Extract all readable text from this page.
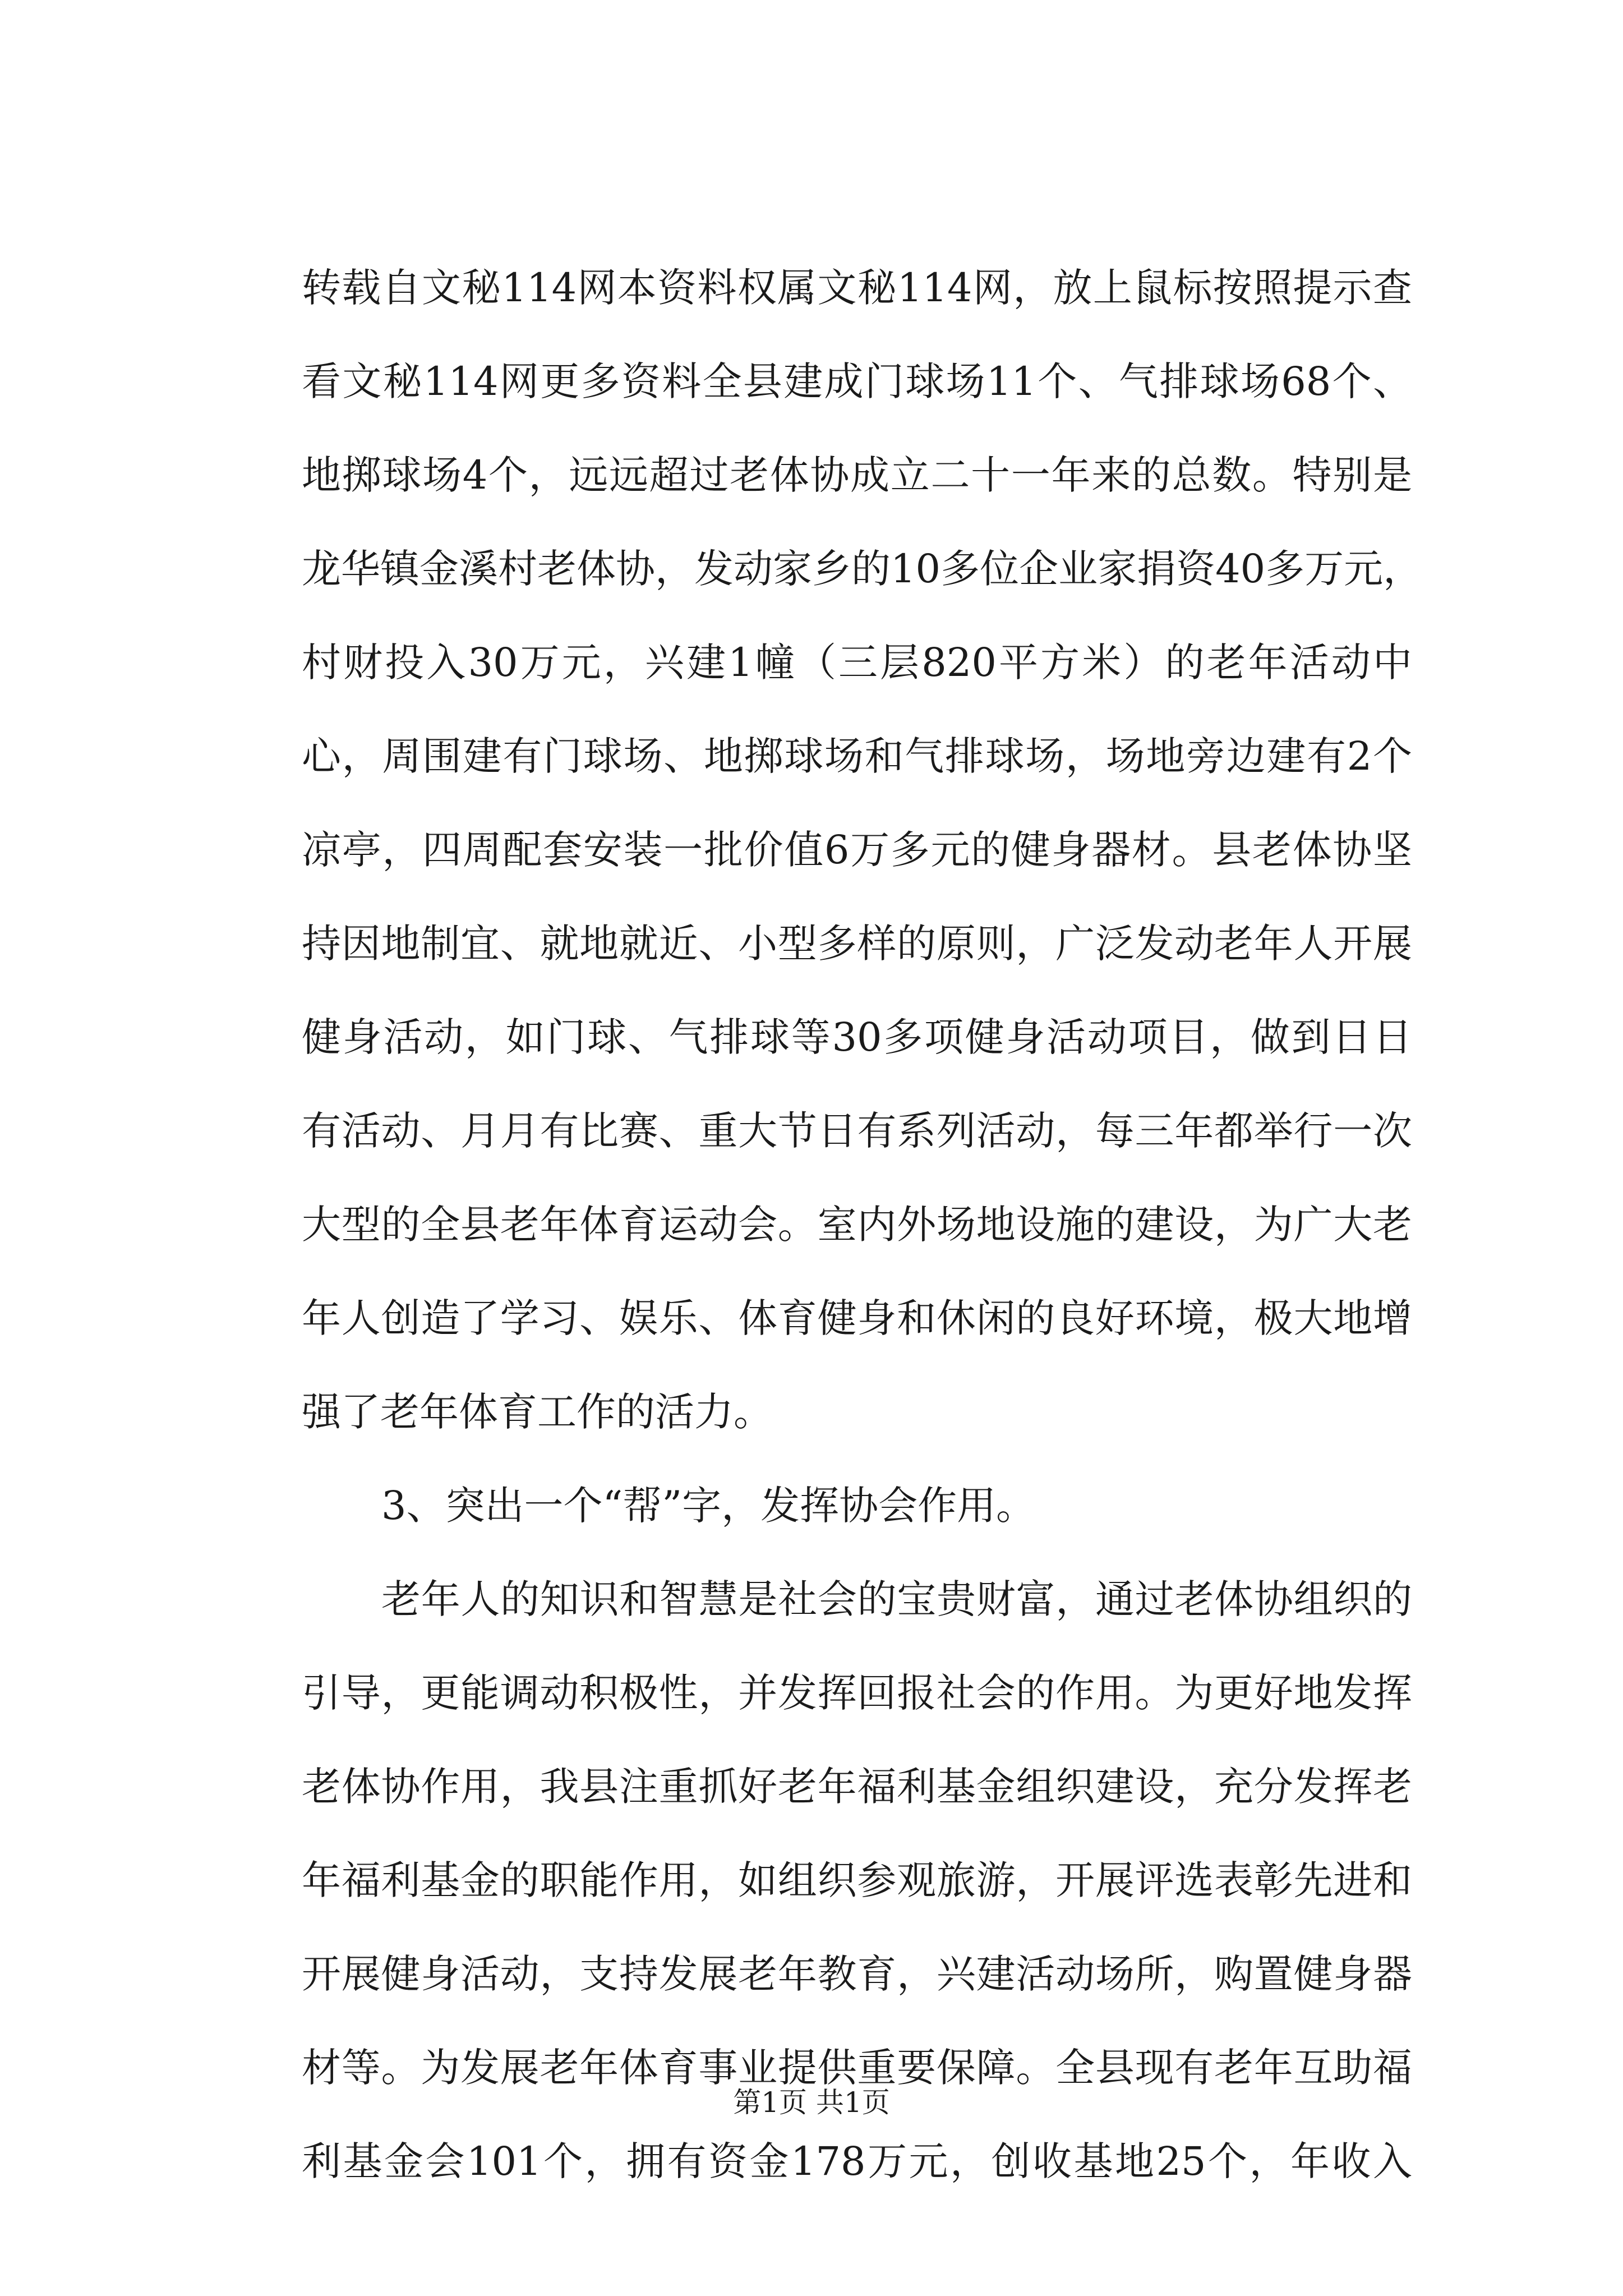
转载自文秘114网本资料权属文秘114网，放上鼠标按照提示查
看文秘114网更多资料全县建成门球场11个、气排球场68个、
地掷球场4个，远远超过老体协成立二十一年来的总数。特别是
龙华镇金溪村老体协，发动家乡的10多位企业家捐资40多万元，
村财投入30万元，兴建1幢（三层820平方米）的老年活动中
心，周围建有门球场、地掷球场和气排球场，场地旁边建有2个
凉亭，四周配套安装一批价值6万多元的健身器材。县老体协坚
持因地制宜、就地就近、小型多样的原则，广泛发动老年人开展
健身活动，如门球、气排球等30多项健身活动项目，做到日日
有活动、月月有比赛、重大节日有系列活动，每三年都举行一次
大型的全县老年体育运动会。室内外场地设施的建设，为广大老
年人创造了学习、娱乐、体育健身和休闲的良好环境，极大地增
强了老年体育工作的活力。
3、突出一个“帮”字，发挥协会作用。
老年人的知识和智慧是社会的宝贵财富，通过老体协组织的
引导，更能调动积极性，并发挥回报社会的作用。为更好地发挥
老体协作用，我县注重抓好老年福利基金组织建设，充分发挥老
年福利基金的职能作用，如组织参观旅游，开展评选表彰先进和
开展健身活动，支持发展老年教育，兴建活动场所，购置健身器
材等。为发展老年体育事业提供重要保障。全县现有老年互助福
利基金会101个，拥有资金178万元，创收基地25个，年收入
第1页 共1页
